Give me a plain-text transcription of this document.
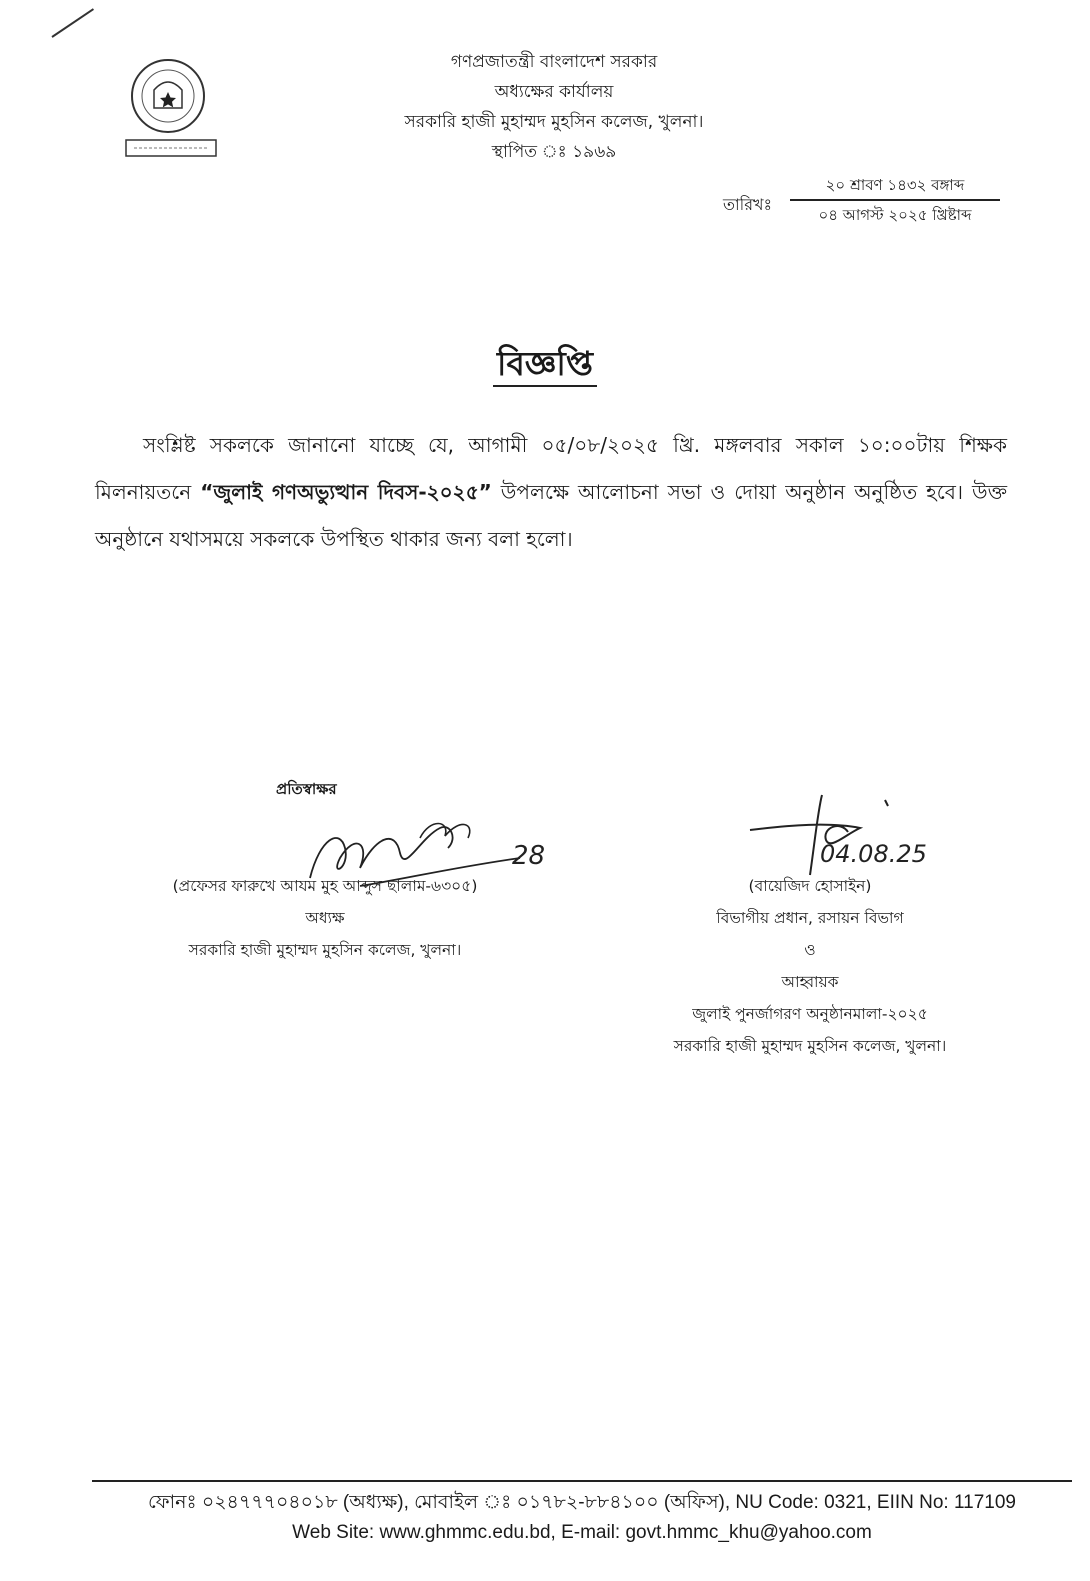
গণপ্রজাতন্ত্রী বাংলাদেশ সরকার
অধ্যক্ষের কার্যালয়
সরকারি হাজী মুহাম্মদ মুহসিন কলেজ, খুলনা।
স্থাপিত ঃ ১৯৬৯
তারিখঃ
২০ শ্রাবণ ১৪৩২ বঙ্গাব্দ
০৪ আগস্ট ২০২৫ খ্রিষ্টাব্দ
বিজ্ঞপ্তি
সংশ্লিষ্ট সকলকে জানানো যাচ্ছে যে, আগামী ০৫/০৮/২০২৫ খ্রি. মঙ্গলবার সকাল ১০:০০টায় শিক্ষক মিলনায়তনে “জুলাই গণঅভ্যুত্থান দিবস-২০২৫” উপলক্ষে আলোচনা সভা ও দোয়া অনুষ্ঠান অনুষ্ঠিত হবে। উক্ত অনুষ্ঠানে যথাসময়ে সকলকে উপস্থিত থাকার জন্য বলা হলো।
প্রতিস্বাক্ষর
(প্রফেসর ফারুখে আযম মুহ আব্দুস ছালাম-৬৩০৫)
অধ্যক্ষ
সরকারি হাজী মুহাম্মদ মুহসিন কলেজ, খুলনা।
28
(বায়েজিদ হোসাইন)
বিভাগীয় প্রধান, রসায়ন বিভাগ
ও
আহ্বায়ক
জুলাই পুনর্জাগরণ অনুষ্ঠানমালা-২০২৫
সরকারি হাজী মুহাম্মদ মুহসিন কলেজ, খুলনা।
04.08.25
ফোনঃ ০২৪৭৭৭০৪০১৮ (অধ্যক্ষ), মোবাইল ঃ ০১৭৮২-৮৮৪১০০ (অফিস), NU Code: 0321, EIIN No: 117109
Web Site: www.ghmmc.edu.bd, E-mail: govt.hmmc_khu@yahoo.com
